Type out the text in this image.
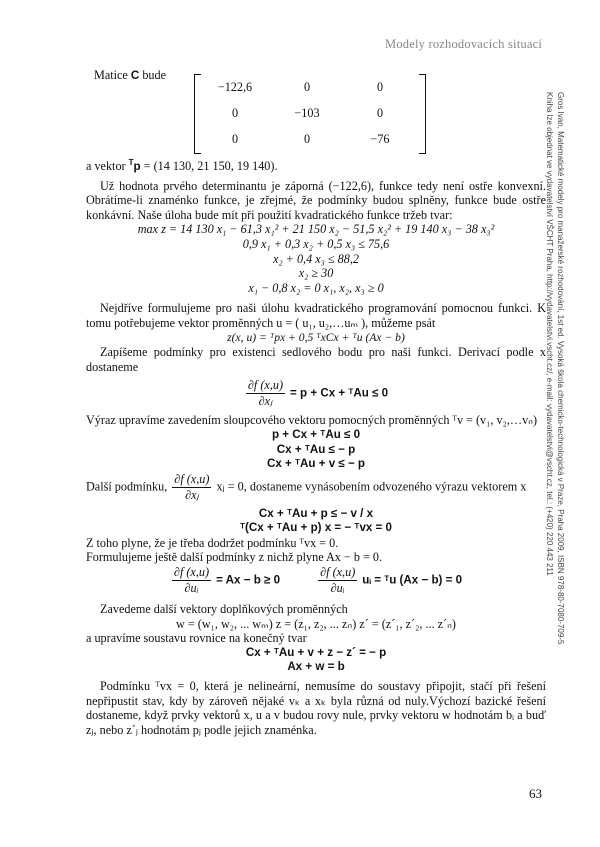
Modely rozhodovacích situací
Gros Ivan, Matematické modely pro manažerské rozhodování, 1st ed. Vysoká škola chemicko-technologická v Praze, Praha 2009, ISBN 978-80-7080-709-5
Kniha lze objednat ve vydavatelství VŠCHT Praha, http://vydavatelstvi.vscht.cz/, e-mail: vydavatelstvi@vscht.cz, tel.: (+420) 220 443 211
Matice C bude
−122,6	0	0
0	−103	0
0	0	−76

a vektor $^T$p = (14 130, 21 150, 19 140).

Už hodnota prvého determinantu je záporná (−122,6), funkce tedy není ostře konvexní. Obrátíme-li znaménko funkce, je zřejmé, že podmínky budou splněny, funkce bude ostře konkávní. Naše úloha bude mít při použití kvadratického funkce tržeb tvar:

max z = 14 130 x₁ − 61,3 x₁² + 21 150 x₂ − 51,5 x₂² + 19 140 x₃ − 38 x₃²

0,9 x₁ + 0,3 x₂ + 0,5 x₃ ≤ 75,6

x₂ + 0,4 x₃ ≤ 88,2

x₂ ≥ 30

x₁ − 0,8 x₂ = 0 x₁, x₂, x₃ ≥ 0

Nejdříve formulujeme pro naši úlohu kvadratického programování pomocnou funkci. K tomu potřebujeme vektor proměnných u = ( u₁, u₂,…uₘ ), můžeme psát

z(x, u) = ᵀpx + 0,5 ᵀxCx + ᵀu (Ax − b)

Zapíšeme podmínky pro existenci sedlového bodu pro naši funkci. Derivací podle x dostaneme

$\frac{\partial f (x,u)}{\text{∂xⱼ}} = p + Cx$ + ᵀAu ≤ 0

Výraz upravíme zavedením sloupcového vektoru pomocných proměnných ᵀv = (v₁, v₂,…vₙ)

p + Cx + ᵀAu ≤ 0

Cx + ᵀAu ≤ − p

Cx + ᵀAu + v ≤ − p

Další podmínku, $\frac{\partial f (x,u)}{\text{∂xⱼ}}$ xⱼ = 0, dostaneme vynásobením odvozeného výrazu vektorem x

Cx + ᵀAu + p ≤ − v / x

ᵀ(Cx + ᵀAu + p) x = − ᵀvx = 0

Z toho plyne, že je třeba dodržet podmínku ᵀvx = 0.

Formulujeme ještě další podmínky z nichž plyne Ax − b = 0.

$\frac{\partial f (x,u)}{\text{∂uᵢ}} = Ax - b \ge 0$	$\frac{\partial f (x,u)}{\text{∂uᵢ}}$ uᵢ = ᵀu (Ax − b) = 0

Zavedeme další vektory doplňkových proměnných

w = (w₁, w₂, ... wₘ) z = (z₁, z₂, ... zₙ) z´ = (z´₁, z´₂, ... z´ₙ)

a upravíme soustavu rovnice na konečný tvar

Cx + ᵀAu + v + z − z´ = − p

Ax + w = b

Podmínku ᵀvx = 0, která je nelineární, nemusíme do soustavy připojit, stačí při řešení nepřipustit stav, kdy by zároveň nějaké vₖ a xₖ byla různá od nuly.Výchozí bazické řešení dostaneme, když prvky vektorů x, u a v budou rovy nule, prvky vektoru w hodnotám bᵢ a buď zⱼ, nebo z´ⱼ hodnotám pⱼ podle jejich znaménka.

63
